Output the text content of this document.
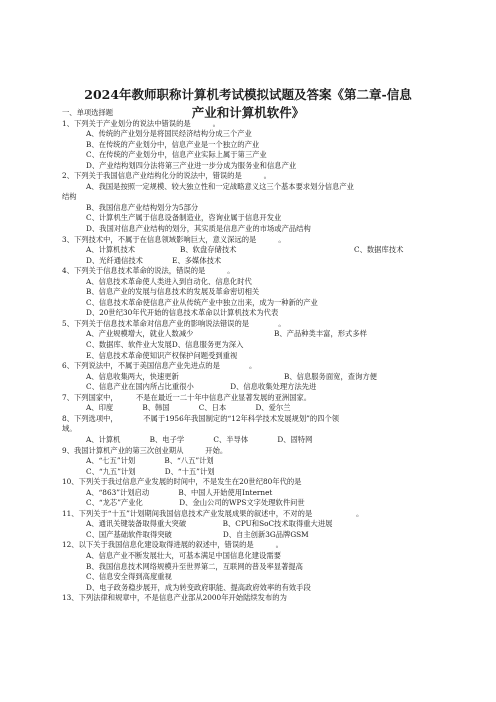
2024年教师职称计算机考试模拟试题及答案《第二章-信息
产业和计算机软件》
一、单项选择题
1、下列关于产业划分的说法中错误的是　　　。
A、传统的产业划分是将国民经济结构分成三个产业
B、在传统的产业划分中，信息产业是一个独立的产业
C、在传统的产业划分中，信息产业实际上属于第三产业
D、产业结构划四分法将第三产业进一步分成为服务业和信息产业
2、下列关于我国信息产业结构化分的说法中，错误的是　　　。
A、我国是按照一定规模、较大独立性和一定战略意义这三个基本要求划分信息产业
结构
B、我国信息产业结构划分为5部分
C、计算机生产属于信息设备制造业，咨询业属于信息开发业
D、我国对信息产业结构的划分，其实质是信息产业的市场或产品结构
3、下列技术中，不属于在信息领域影响巨大，意义深远的是　　　。
A、计算机技术	B、软盘存储技术	C、数据库技术
D、光纤通信技术　　　　E、多媒体技术
4、下列关于信息技术革命的说法，错误的是　　　。
A、信息技术革命使人类进入到自动化、信息化时代
B、信息产业的发展与信息技术的发展及革命密切相关
C、信息技术革命使信息产业从传统产业中独立出来，成为一种新的产业
D、20世纪30年代开始的信息技术革命以计算机技术为代表
5、下列关于信息技术革命对信息产业的影响说法错误的是　　　　。
A、产业规模增大，就业人数减少	B、产品种类丰富，形式多样
C、数据库、软件业大发展D、信息服务更为深入
E、信息技术革命使知识产权保护问题受到重视
6、下列说法中，不属于美国信息产业先进点的是　　　　。
A、信息收集两大，快速更新	B、信息服务面宽，查询方便
C、信息产业在国内所占比重很小　　　　　D、信息收集处理方法先进
7、下列国家中，　　　不是在最近一二十年中信息产业显著发展的亚洲国家。
A、印度　　　　B、韩国　　　　C、日本　　　　D、爱尔兰
8、下列选项中，　　　　不属于1956年我国制定的“12年科学技术发展规划”的四个领
域。
A、计算机　　　　B、电子学　　　　C、半导体　　　　D、固特网
9、我国计算机产业的第三次创业期从　　　开始。
A、“七五”计划　　　　B、“八五”计划
C、“九五”计划　　　　D、“十五”计划
10、下列关于我过信息产业发展的时间中，不是发生在20世纪80年代的是
A、“863”计划启动　　　　B、中国人开始使用Internet
C、“龙芯”产业化　　　　　D、金山公司的WPS文字处理软件问世
11、下列关于“十五”计划期间我国信息技术产业发展成果的叙述中，不对的是　　　　　　。
A、通讯关键装备取得重大突破　　　　　B、CPU和SoC技术取得重大进展
C、国产基础软件取得突破　　　　　　　D、自主创新3G品牌GSM
12、以下关于我国信息化建设取得进展的叙述中，错误的是　　　。
A、信息产业不断发展壮大，可基本满足中国信息化建设需要
B、我国信息技术网络规模升至世界第二，互联网的普及率显著提高
C、信息安全得到高度重视
D、电子政务稳步展开，成为转变政府职能、提高政府效率的有效手段
13、下列法律和规章中，不是信息产业部从2000年开始陆续发布的为
